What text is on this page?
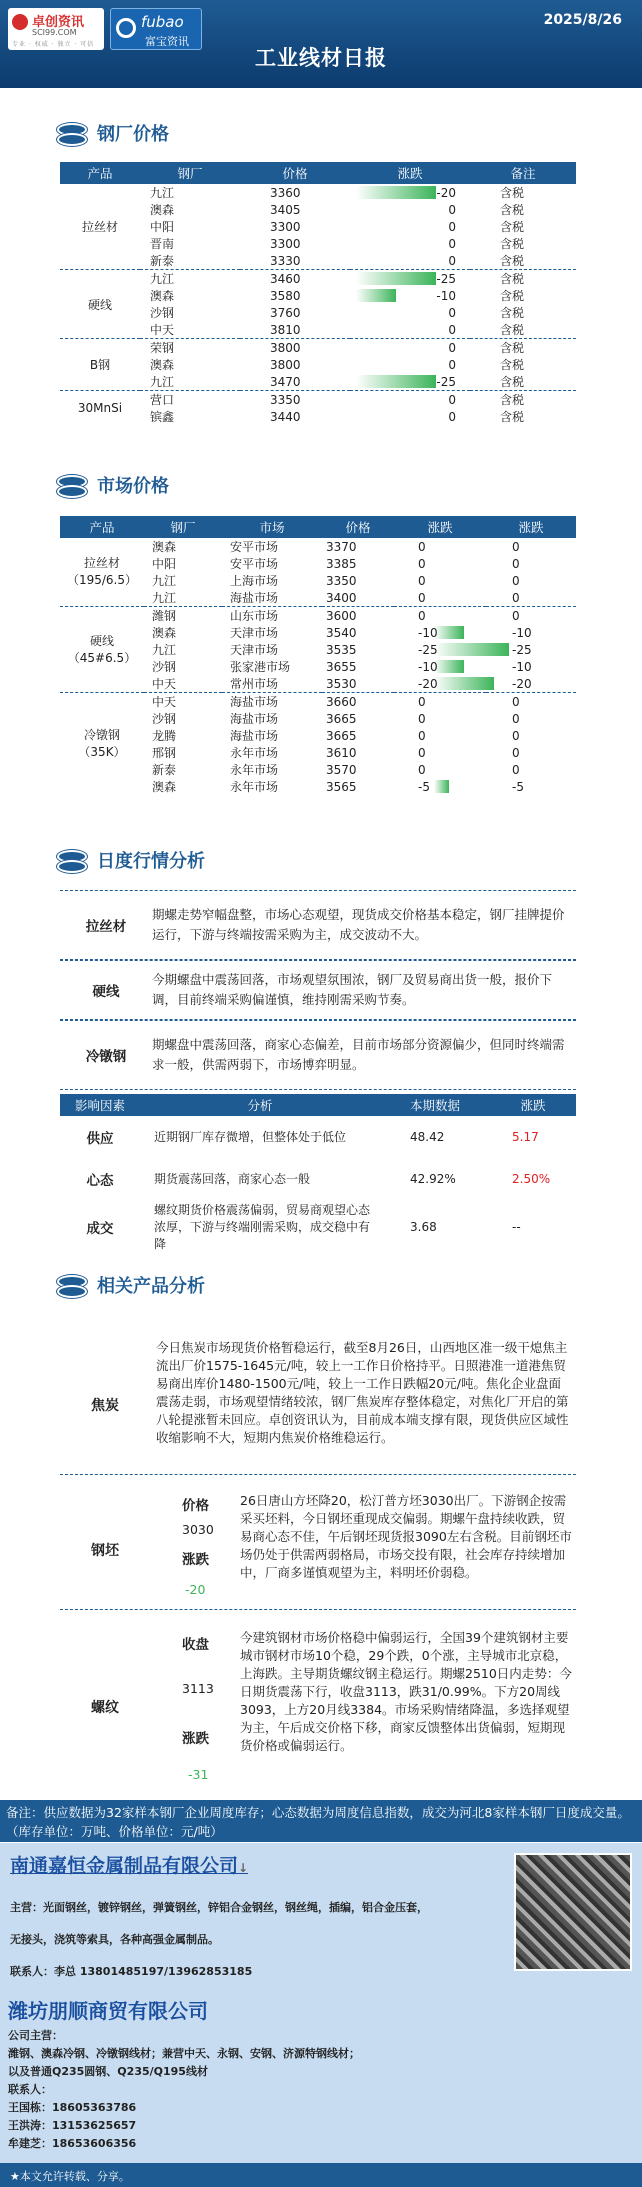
卓创资讯
SCI99.COM
专业 · 权威 · 独立 · 可信
fubao
富宝资讯
2025/8/26
工业线材日报
钢厂价格
产品	钢厂	价格	涨跌	备注
拉丝材	九江	3360	-20	含税
	澳森	3405	0	含税
	中阳	3300	0	含税
	晋南	3300	0	含税
	新泰	3330	0	含税
硬线	九江	3460	-25	含税
	澳森	3580	-10	含税
	沙钢	3760	0	含税
	中天	3810	0	含税
B钢	荣钢	3800	0	含税
	澳森	3800	0	含税
	九江	3470	-25	含税
30MnSi	营口	3350	0	含税
	镔鑫	3440	0	含税
市场价格
产品	钢厂	市场	价格	涨跌	涨跌

拉丝材
（195/6.5）	澳森	安平市场	3370	0	0
	中阳	安平市场	3385	0	0
	九江	上海市场	3350	0	0
	九江	海盐市场	3400	0	0

硬线
（45#6.5）	潍钢	山东市场	3600	0	0
	澳森	天津市场	3540	-10	-10
	九江	天津市场	3535	-25	-25
	沙钢	张家港市场	3655	-10	-10
	中天	常州市场	3530	-20	-20

冷镦钢
（35K）	中天	海盐市场	3660	0	0
	沙钢	海盐市场	3665	0	0
	龙腾	海盐市场	3665	0	0
	邢钢	永年市场	3610	0	0
	新泰	永年市场	3570	0	0
	澳森	永年市场	3565	-5	-5
日度行情分析
拉丝材
期螺走势窄幅盘整，市场心态观望，现货成交价格基本稳定，钢厂挂牌提价运行，下游与终端按需采购为主，成交波动不大。
硬线
今期螺盘中震荡回落，市场观望氛围浓，钢厂及贸易商出货一般，报价下调，目前终端采购偏谨慎，维持刚需采购节奏。
冷镦钢
期螺盘中震荡回落，商家心态偏差，目前市场部分资源偏少，但同时终端需求一般，供需两弱下，市场博弈明显。
影响因素	分析	本期数据	涨跌
供应	近期钢厂库存微增，但整体处于低位	48.42	5.17
心态	期货震荡回落，商家心态一般	42.92%	2.50%
成交	螺纹期货价格震荡偏弱，贸易商观望心态浓厚，下游与终端刚需采购，成交稳中有降	3.68	--
相关产品分析
焦炭
今日焦炭市场现货价格暂稳运行，截至8月26日，山西地区准一级干熄焦主流出厂价1575-1645元/吨，较上一工作日价格持平。日照港准一道港焦贸易商出库价1480-1500元/吨，较上一工作日跌幅20元/吨。焦化企业盘面震荡走弱，市场观望情绪较浓，钢厂焦炭库存整体稳定，对焦化厂开启的第八轮提涨暂未回应。卓创资讯认为，目前成本端支撑有限，现货供应区域性收缩影响不大，短期内焦炭价格维稳运行。
钢坯
价格
3030
涨跌
-20
26日唐山方坯降20，松汀普方坯3030出厂。下游钢企按需采买坯料，今日钢坯重现成交偏弱。期螺午盘持续收跌，贸易商心态不佳，午后钢坯现货报3090左右含税。目前钢坯市场仍处于供需两弱格局，市场交投有限，社会库存持续增加中，厂商多谨慎观望为主，料明坯价弱稳。
螺纹
收盘
3113
涨跌
-31
今建筑钢材市场价格稳中偏弱运行，全国39个建筑钢材主要城市钢材市场10个稳，29个跌，0个涨，主导城市北京稳，上海跌。主导期货螺纹钢主稳运行。期螺2510日内走势：今日期货震荡下行，收盘3113，跌31/0.99%。下方20周线3093，上方20月线3384。市场采购情绪降温，多选择观望为主，午后成交价格下移，商家反馈整体出货偏弱，短期现货价格或偏弱运行。
备注：供应数据为32家样本钢厂企业周度库存；心态数据为周度信息指数，成交为河北8家样本钢厂日度成交量。（库存单位：万吨、价格单位：元/吨）
南通嘉恒金属制品有限公司↓
主营：光面钢丝，镀锌钢丝，弹簧钢丝，锌铝合金钢丝，钢丝绳，插编，铝合金压套，
无接头，浇筑等索具，各种高强金属制品。
联系人：李总 13801485197/13962853185
潍坊朋顺商贸有限公司
公司主营：
潍钢、澳森冷钢、冷镦钢线材；兼营中天、永钢、安钢、济源特钢线材；
以及普通Q235圆钢、Q235/Q195线材
联系人：
王国栋：18605363786
王洪涛：13153625657
牟建芝：18653606356
★本文允许转载、分享。
